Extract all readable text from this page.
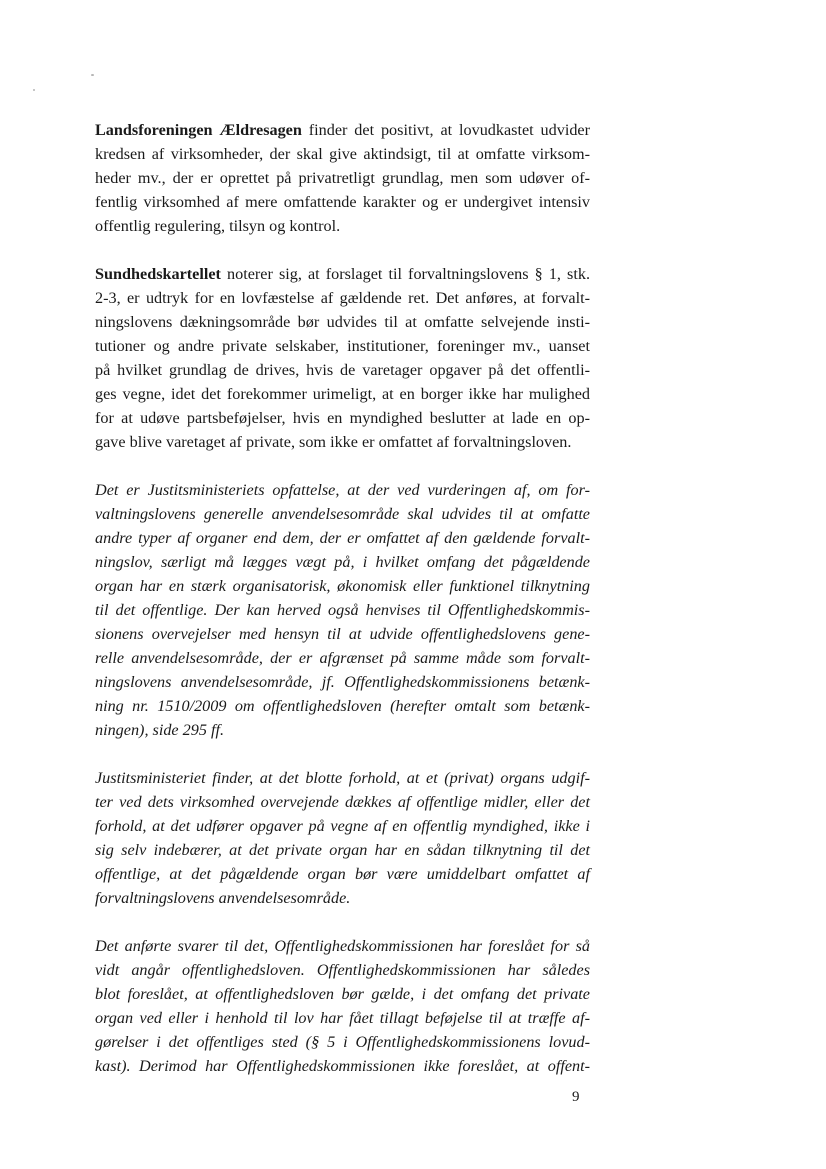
Landsforeningen Ældresagen finder det positivt, at lovudkastet udvider
kredsen af virksomheder, der skal give aktindsigt, til at omfatte virksom-
heder mv., der er oprettet på privatretligt grundlag, men som udøver of-
fentlig virksomhed af mere omfattende karakter og er undergivet intensiv
offentlig regulering, tilsyn og kontrol.

Sundhedskartellet noterer sig, at forslaget til forvaltningslovens § 1, stk.
2-3, er udtryk for en lovfæstelse af gældende ret. Det anføres, at forvalt-
ningslovens dækningsområde bør udvides til at omfatte selvejende insti-
tutioner og andre private selskaber, institutioner, foreninger mv., uanset
på hvilket grundlag de drives, hvis de varetager opgaver på det offentli-
ges vegne, idet det forekommer urimeligt, at en borger ikke har mulighed
for at udøve partsbeføjelser, hvis en myndighed beslutter at lade en op-
gave blive varetaget af private, som ikke er omfattet af forvaltningsloven.

Det er Justitsministeriets opfattelse, at der ved vurderingen af, om for-
valtningslovens generelle anvendelsesområde skal udvides til at omfatte
andre typer af organer end dem, der er omfattet af den gældende forvalt-
ningslov, særligt må lægges vægt på, i hvilket omfang det pågældende
organ har en stærk organisatorisk, økonomisk eller funktionel tilknytning
til det offentlige. Der kan herved også henvises til Offentlighedskommis-
sionens overvejelser med hensyn til at udvide offentlighedslovens gene-
relle anvendelsesområde, der er afgrænset på samme måde som forvalt-
ningslovens anvendelsesområde, jf. Offentlighedskommissionens betænk-
ning nr. 1510/2009 om offentlighedsloven (herefter omtalt som betænk-
ningen), side 295 ff.

Justitsministeriet finder, at det blotte forhold, at et (privat) organs udgif-
ter ved dets virksomhed overvejende dækkes af offentlige midler, eller det
forhold, at det udfører opgaver på vegne af en offentlig myndighed, ikke i
sig selv indebærer, at det private organ har en sådan tilknytning til det
offentlige, at det pågældende organ bør være umiddelbart omfattet af
forvaltningslovens anvendelsesområde.

Det anførte svarer til det, Offentlighedskommissionen har foreslået for så
vidt angår offentlighedsloven. Offentlighedskommissionen har således
blot foreslået, at offentlighedsloven bør gælde, i det omfang det private
organ ved eller i henhold til lov har fået tillagt beføjelse til at træffe af-
gørelser i det offentliges sted (§ 5 i Offentlighedskommissionens lovud-
kast). Derimod har Offentlighedskommissionen ikke foreslået, at offent-

9
